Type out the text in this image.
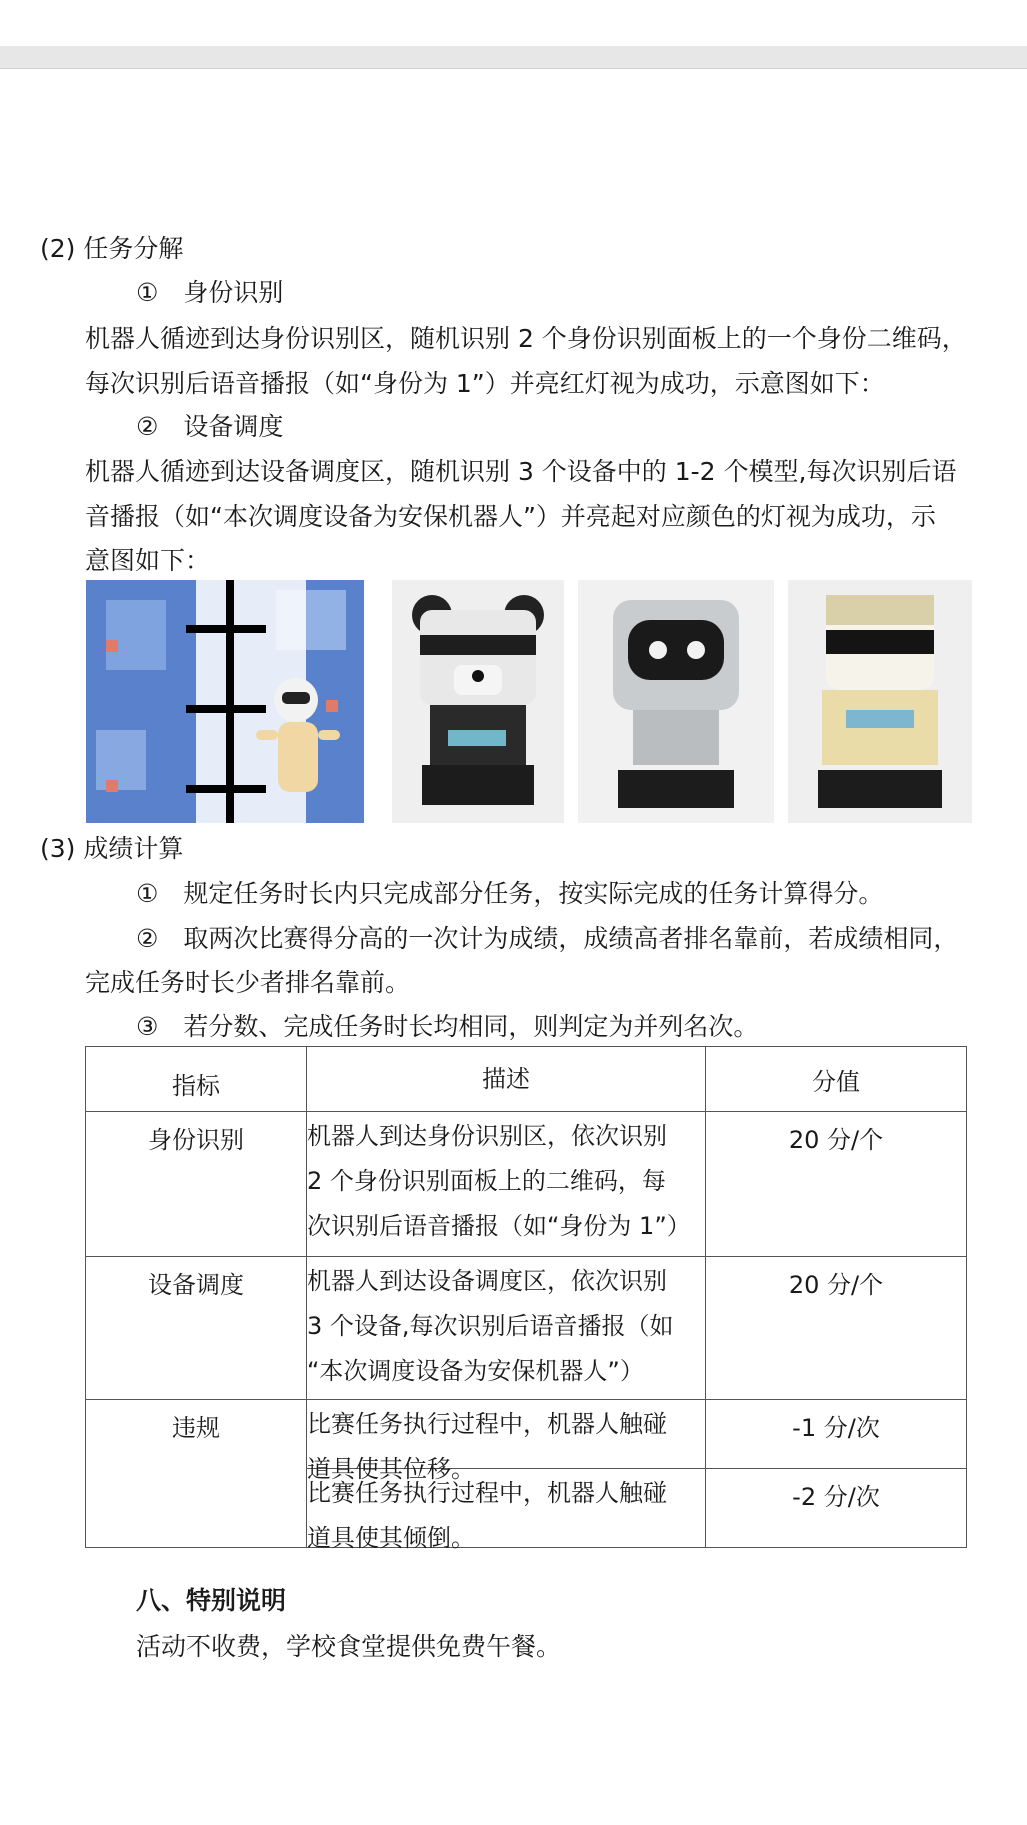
(2) 任务分解
①　身份识别
机器人循迹到达身份识别区，随机识别 2 个身份识别面板上的一个身份二维码，
每次识别后语音播报（如“身份为 1”）并亮红灯视为成功，示意图如下：
②　设备调度
机器人循迹到达设备调度区，随机识别 3 个设备中的 1-2 个模型,每次识别后语
音播报（如“本次调度设备为安保机器人”）并亮起对应颜色的灯视为成功，示
意图如下：
(3) 成绩计算
①　规定任务时长内只完成部分任务，按实际完成的任务计算得分。
②　取两次比赛得分高的一次计为成绩，成绩高者排名靠前，若成绩相同，
完成任务时长少者排名靠前。
③　若分数、完成任务时长均相同，则判定为并列名次。
指标	描述	分值
身份识别	机器人到达身份识别区，依次识别
2 个身份识别面板上的二维码，每
次识别后语音播报（如“身份为 1”）	20 分/个
设备调度	机器人到达设备调度区，依次识别
3 个设备,每次识别后语音播报（如
“本次调度设备为安保机器人”）	20 分/个
违规	比赛任务执行过程中，机器人触碰
道具使其位移。	-1 分/次

	比赛任务执行过程中，机器人触碰
道具使其倾倒。	-2 分/次
八、特别说明
活动不收费，学校食堂提供免费午餐。
